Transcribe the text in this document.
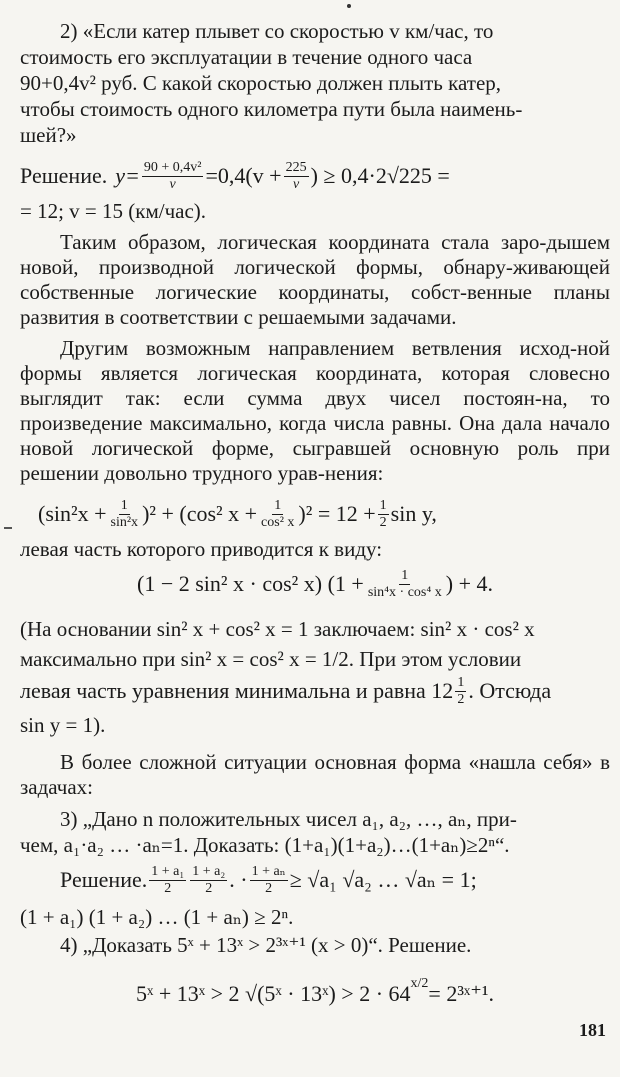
2) «Если катер плывет со скоростью v км/час, то

стоимость его эксплуатации в течение одного часа

90+0,4v² руб. С какой скоростью должен плыть катер,

чтобы стоимость одного километра пути была наимень-

шей?»

Решение. $y= \frac{\text{90 + 0,4v²}}{v} =0,4(v + \frac{225}{v}$ ) ≥ 0,4·2√225 =

= 12; v = 15 (км/час).

Таким образом, логическая координата стала заро-дышем новой, производной логической формы, обнару-живающей собственные логические координаты, собст-венные планы развития в соответствии с решаемыми задачами.

Другим возможным направлением ветвления исход-ной формы является логическая координата, которая словесно выглядит так: если сумма двух чисел постоян-на, то произведение максимально, когда числа равны. Она дала начало новой логической форме, сыгравшей основную роль при решении довольно трудного урав-нения:

$(\sin^2x + \frac{1}{\text{sin²x}} )^2 + (\cos^2$ $x + \frac{1}{\text{cos² x}} )^2 = 12 + \frac{1}{2}$ sin y,

левая часть которого приводится к виду:

(1 − 2 sin² x · cos² x) ($1 + \frac{1}{\text{sin⁴x · cos⁴ x}}$ ) + 4.

(На основании sin² x + cos² x = 1 заключаем: sin² x · cos² x

максимально при sin² x = cos² x = 1/2. При этом условии

левая часть уравнения минимальна и равна $12 \frac{1}{2}$ . Отсюда

sin y = 1).

В более сложной ситуации основная форма «нашла себя» в задачах:

3) „Дано n положительных чисел a₁, a₂, …, aₙ, при-

чем, a₁·a₂ … ·aₙ=1. Доказать: (1+a₁)(1+a₂)…(1+aₙ)≥2ⁿ“.

Решение. $\frac{\text{1 + a₁}}{2} \frac{\text{1 + a₂}}{2}$ . · $\frac{\text{1 + aₙ}}{2} \ge √a_1$ √a₂ … √aₙ = 1;

(1 + a₁) (1 + a₂) … (1 + aₙ) ≥ 2ⁿ.

4) „Доказать 5ˣ + 13ˣ > 2³ˣ⁺¹ (x > 0)“. Решение.

5ˣ + 13ˣ > 2 √(5ˣ · 13ˣ) > $2 \cdot 64^{x/2}$ = 2³ˣ⁺¹.
181
